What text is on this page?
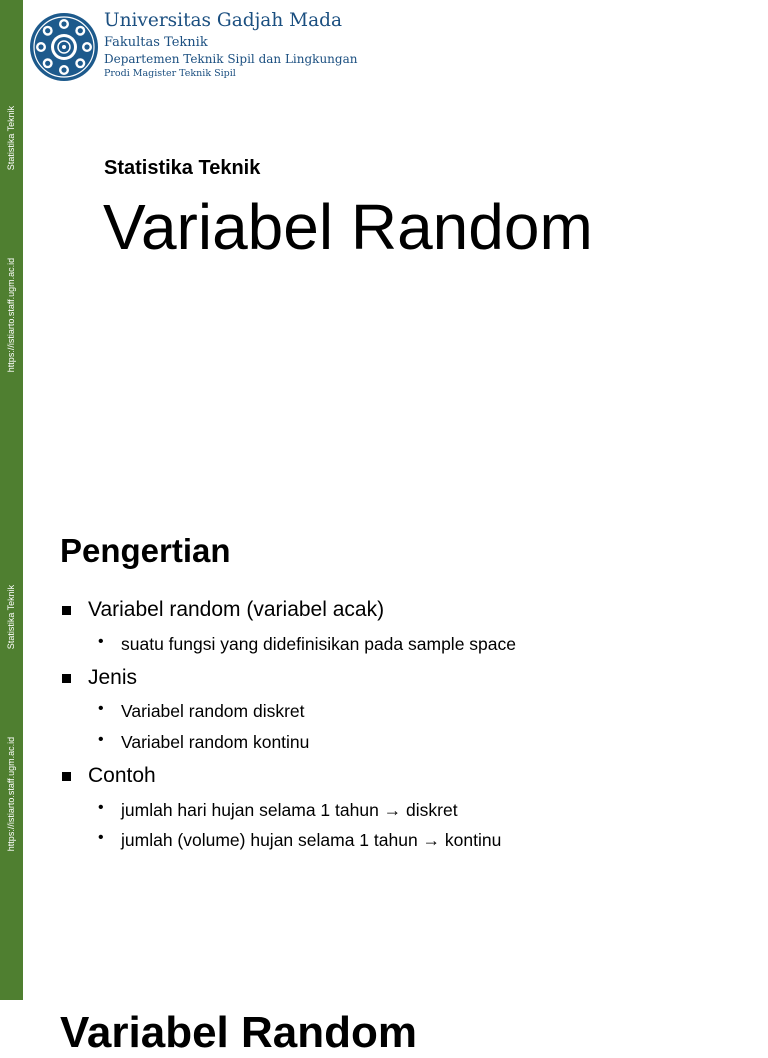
Statistika Teknik
https://istiarto.staff.ugm.ac.id
Universitas Gadjah Mada
Fakultas Teknik
Departemen Teknik Sipil dan Lingkungan
Prodi Magister Teknik Sipil
Statistika Teknik
Variabel Random
Statistika Teknik
https://istiarto.staff.ugm.ac.id
Pengertian
Variabel random (variabel acak)
• suatu fungsi yang didefinisikan pada sample space
Jenis
• Variabel random diskret
• Variabel random kontinu
Contoh
• jumlah hari hujan selama 1 tahun → diskret
• jumlah (volume) hujan selama 1 tahun → kontinu
Variabel Random
